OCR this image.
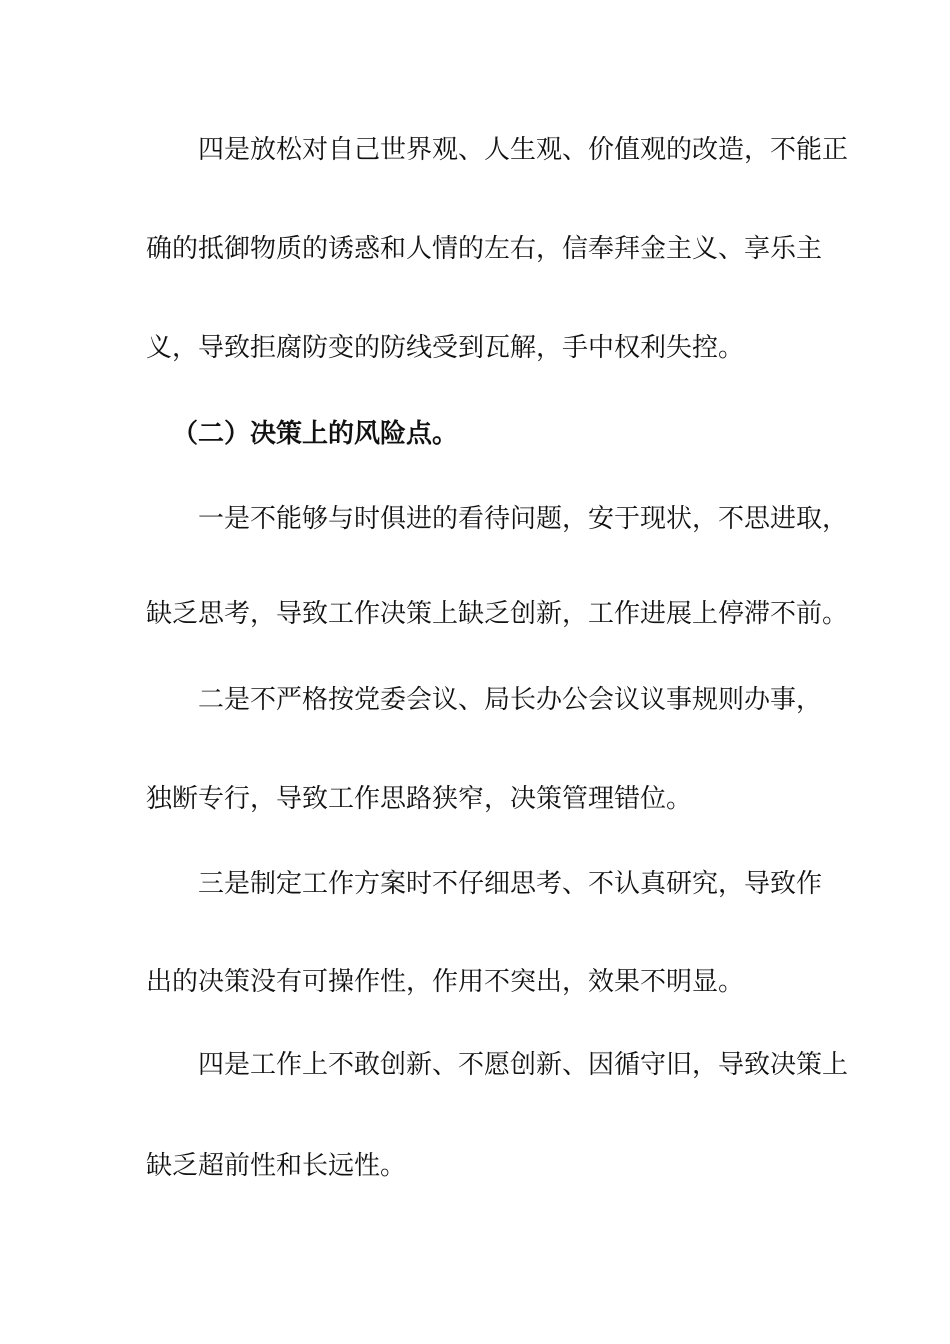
四是放松对自己世界观、人生观、价值观的改造，不能正
确的抵御物质的诱惑和人情的左右，信奉拜金主义、享乐主
义，导致拒腐防变的防线受到瓦解，手中权利失控。
（二）决策上的风险点。
一是不能够与时俱进的看待问题，安于现状，不思进取，
缺乏思考，导致工作决策上缺乏创新，工作进展上停滞不前。
二是不严格按党委会议、局长办公会议议事规则办事，
独断专行，导致工作思路狭窄，决策管理错位。
三是制定工作方案时不仔细思考、不认真研究，导致作
出的决策没有可操作性，作用不突出，效果不明显。
四是工作上不敢创新、不愿创新、因循守旧，导致决策上
缺乏超前性和长远性。
